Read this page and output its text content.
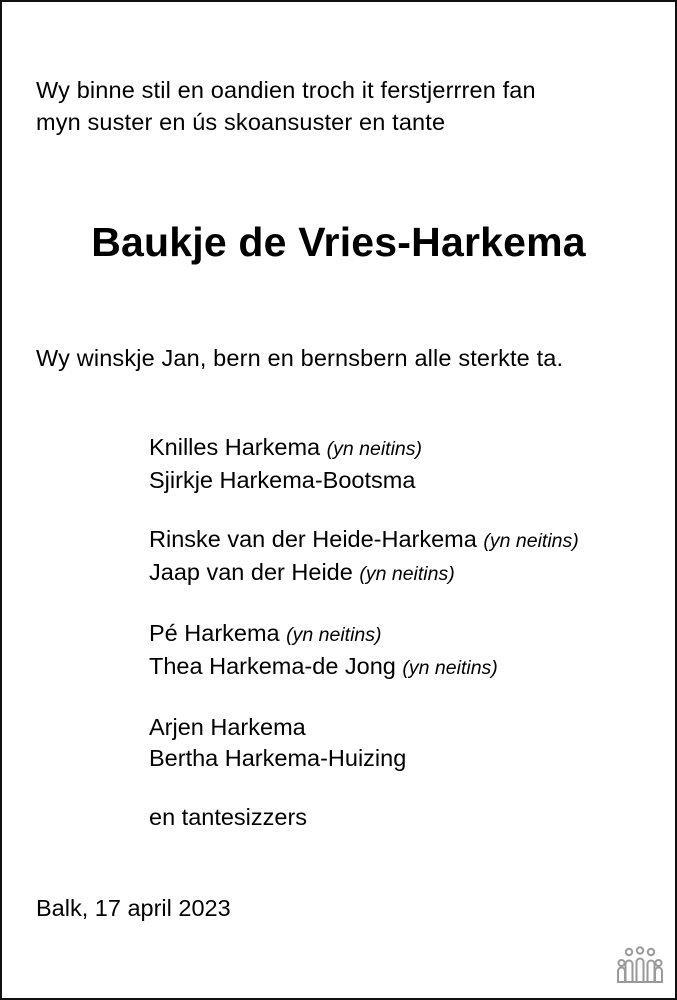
Wy binne stil en oandien troch it ferstjerrren fan
myn suster en ús skoansuster en tante

Baukje de Vries-Harkema

Wy winskje Jan, bern en bernsbern alle sterkte ta.

Knilles Harkema (yn neitins)
Sjirkje Harkema-Bootsma
Rinske van der Heide-Harkema (yn neitins)
Jaap van der Heide (yn neitins)
Pé Harkema (yn neitins)
Thea Harkema-de Jong (yn neitins)
Arjen Harkema
Bertha Harkema-Huizing
en tantesizzers

Balk, 17 april 2023
